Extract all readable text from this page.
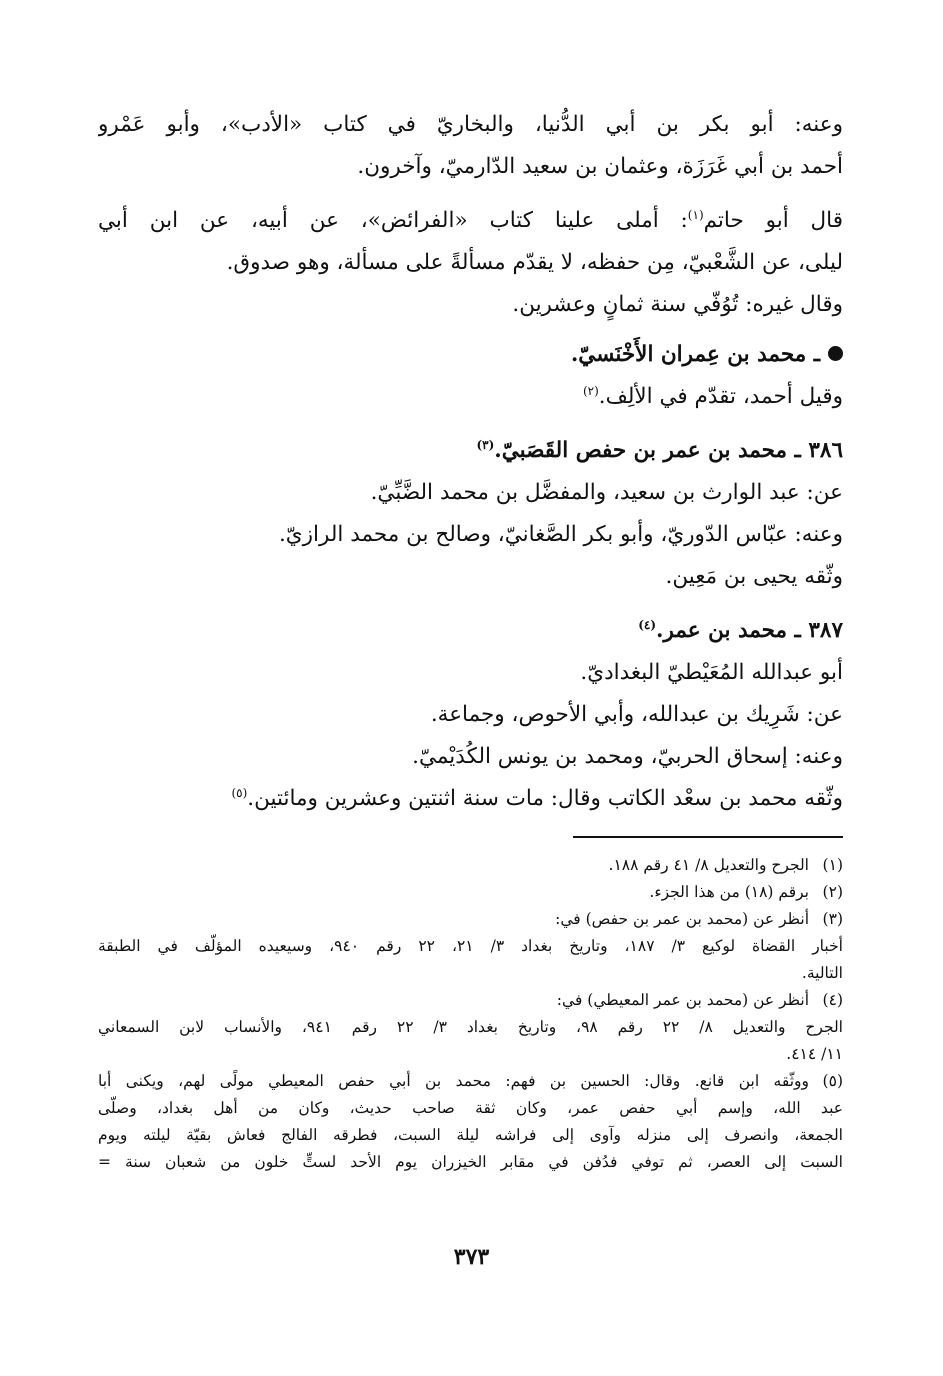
وعنه: أبو بكر بن أبي الدُّنيا، والبخاريّ في كتاب «الأدب»، وأبو عَمْرو
أحمد بن أبي غَرَزَة، وعثمان بن سعيد الدّارميّ، وآخرون.
قال أبو حاتم$^{(١)}$: أملى علينا كتاب «الفرائض»، عن أبيه، عن ابن أبي
ليلى، عن الشَّعْبيّ، مِن حفظه، لا يقدّم مسألةً على مسألة، وهو صدوق.
وقال غيره: تُوُفّي سنة ثمانٍ وعشرين.
ـ محمد بن عِمران الأَخْنَسيّ.
وقيل أحمد، تقدّم في الألِف.$^{(٢)}$
٣٨٦ ـ محمد بن عمر بن حفص القَصَبيّ.$^{(٣)}$
عن: عبد الوارث بن سعيد، والمفضَّل بن محمد الضَّبِّيّ.
وعنه: عبّاس الدّوريّ، وأبو بكر الصَّغانيّ، وصالح بن محمد الرازيّ.
وثّقه يحيى بن مَعِين.
٣٨٧ ـ محمد بن عمر.$^{(٤)}$
أبو عبدالله المُعَيْطيّ البغداديّ.
عن: شَرِيك بن عبدالله، وأبي الأحوص، وجماعة.
وعنه: إسحاق الحربيّ، ومحمد بن يونس الكُدَيْميّ.
وثّقه محمد بن سعْد الكاتب وقال: مات سنة اثنتين وعشرين ومائتين.$^{(٥)}$
(١)الجرح والتعديل ٨/ ٤١ رقم ١٨٨.
(٢)برقم (١٨) من هذا الجزء.
(٣)أنظر عن (محمد بن عمر بن حفص) في:
أخبار القضاة لوكيع ٣/ ١٨٧، وتاريخ بغداد ٣/ ٢١، ٢٢ رقم ٩٤٠، وسيعيده المؤلّف في الطبقة
التالية.
(٤)أنظر عن (محمد بن عمر المعيطي) في:
الجرح والتعديل ٨/ ٢٢ رقم ٩٨، وتاريخ بغداد ٣/ ٢٢ رقم ٩٤١، والأنساب لابن السمعاني
١١/ ٤١٤.
(٥)ووثّقه ابن قانع. وقال: الحسين بن فهم: محمد بن أبي حفص المعيطي مولًى لهم، ويكنى أبا
عبد الله، وإسم أبي حفص عمر، وكان ثقة صاحب حديث، وكان من أهل بغداد، وصلّى
الجمعة، وانصرف إلى منزله وآوى إلى فراشه ليلة السبت، فطرقه الفالج فعاش بقيّة ليلته ويوم
السبت إلى العصر، ثم توفي فدُفن في مقابر الخيزران يوم الأحد لستٍّ خلون من شعبان سنة =
٣٧٣
